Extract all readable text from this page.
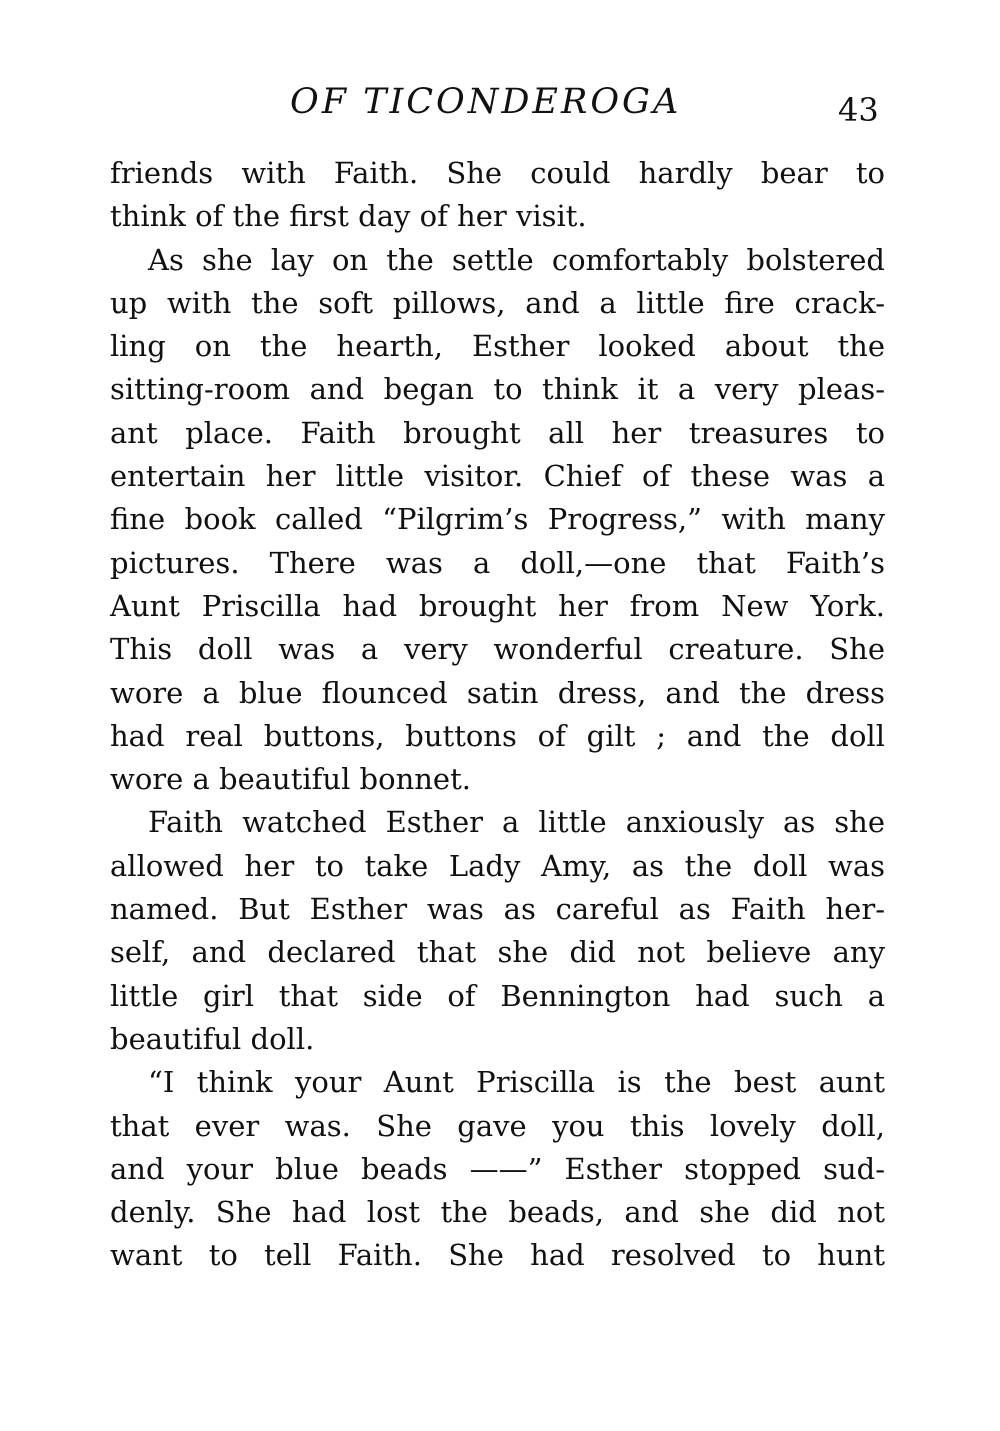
OF TICONDEROGA	43
friends with Faith. She could hardly bear to
think of the first day of her visit.
As she lay on the settle comfortably bolstered
up with the soft pillows, and a little fire crack-
ling on the hearth, Esther looked about the
sitting-room and began to think it a very pleas-
ant place. Faith brought all her treasures to
entertain her little visitor. Chief of these was a
fine book called “Pilgrim’s Progress,” with many
pictures. There was a doll,—one that Faith’s
Aunt Priscilla had brought her from New York.
This doll was a very wonderful creature. She
wore a blue flounced satin dress, and the dress
had real buttons, buttons of gilt ; and the doll
wore a beautiful bonnet.
Faith watched Esther a little anxiously as she
allowed her to take Lady Amy, as the doll was
named. But Esther was as careful as Faith her-
self, and declared that she did not believe any
little girl that side of Bennington had such a
beautiful doll.
“I think your Aunt Priscilla is the best aunt
that ever was. She gave you this lovely doll,
and your blue beads ——” Esther stopped sud-
denly. She had lost the beads, and she did not
want to tell Faith. She had resolved to hunt
